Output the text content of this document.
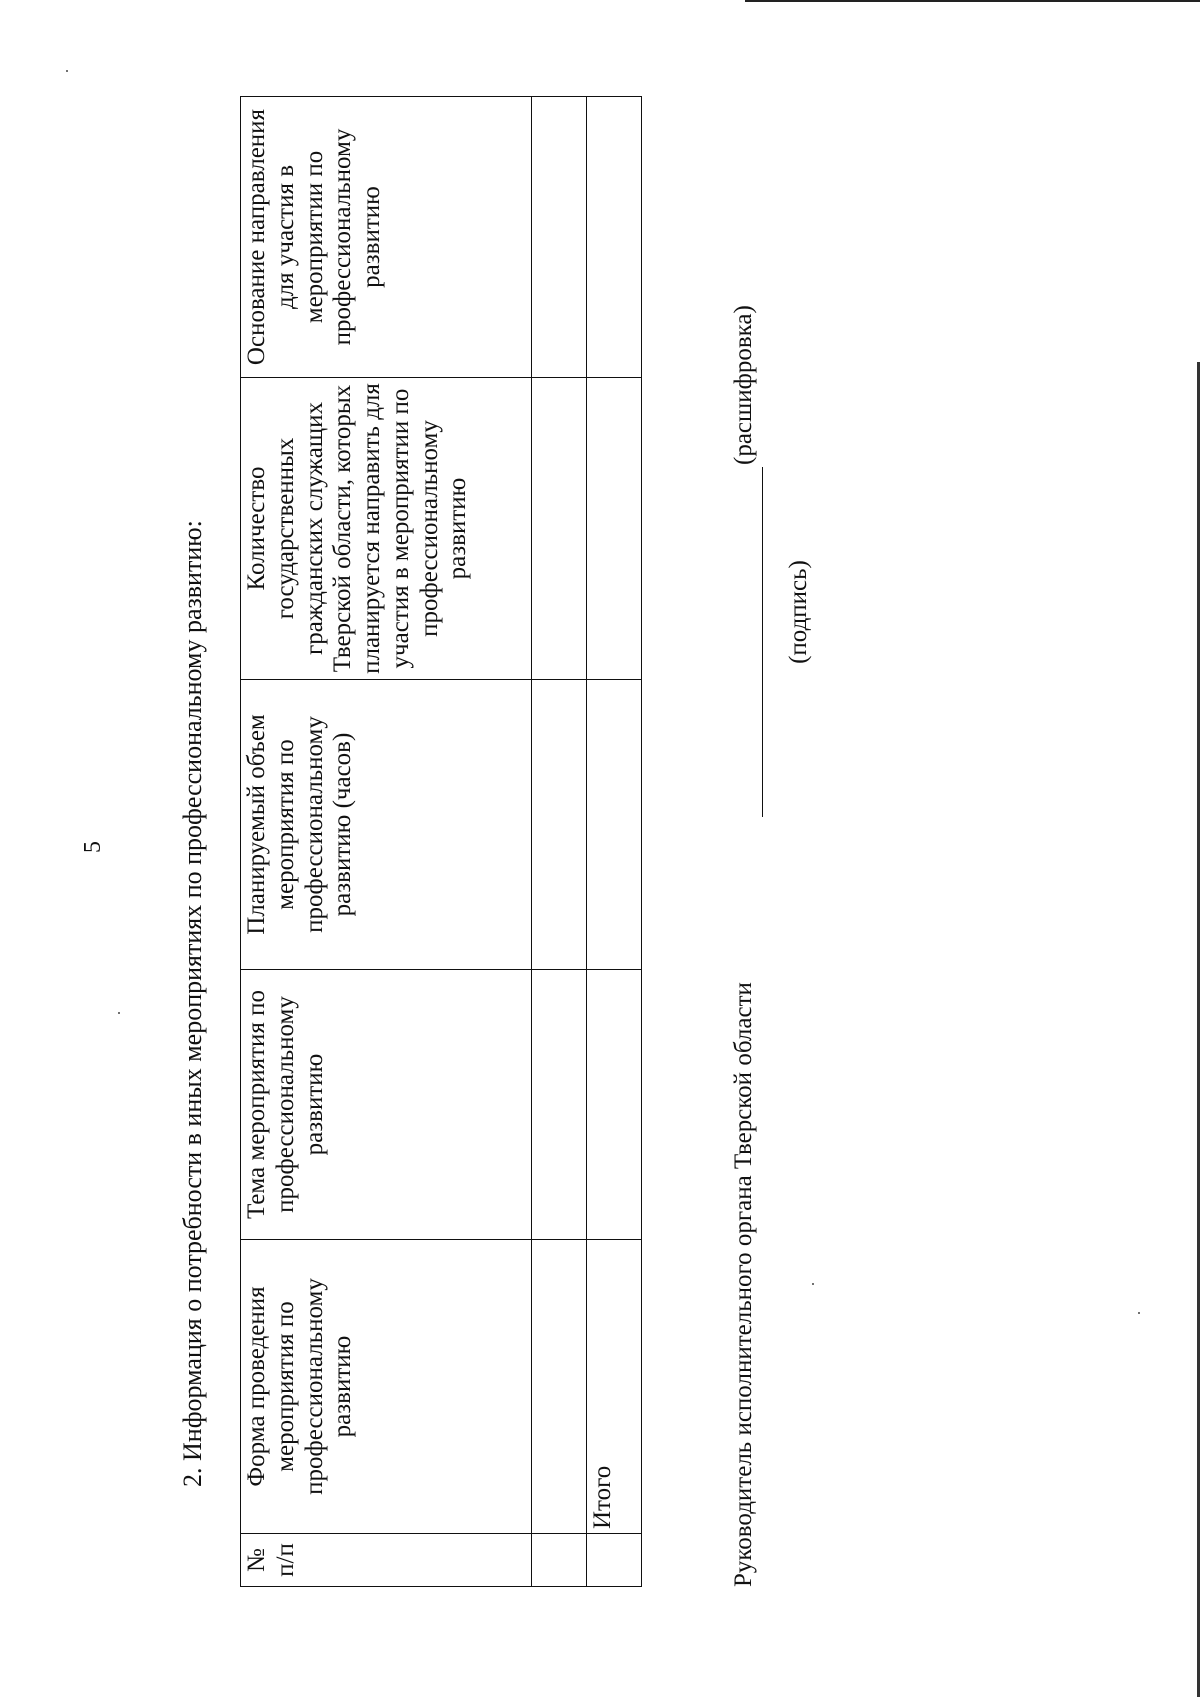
5	2. Информация о потребности в иных мероприятиях по профессиональному развитию:
№ п/п	Форма проведения мероприятия по профессиональному развитию	Тема мероприятия по профессиональному развитию	Планируемый объем мероприятия по профессиональному развитию (часов)	Количество государственных гражданских служащих Тверской области, которых планируется направить для участия в мероприятии по профессиональному развитию	Основание направления для участия в мероприятии по профессиональному развитию

	Итого					Руководитель исполнительного органа Тверской области
(расшифровка)
(подпись)
